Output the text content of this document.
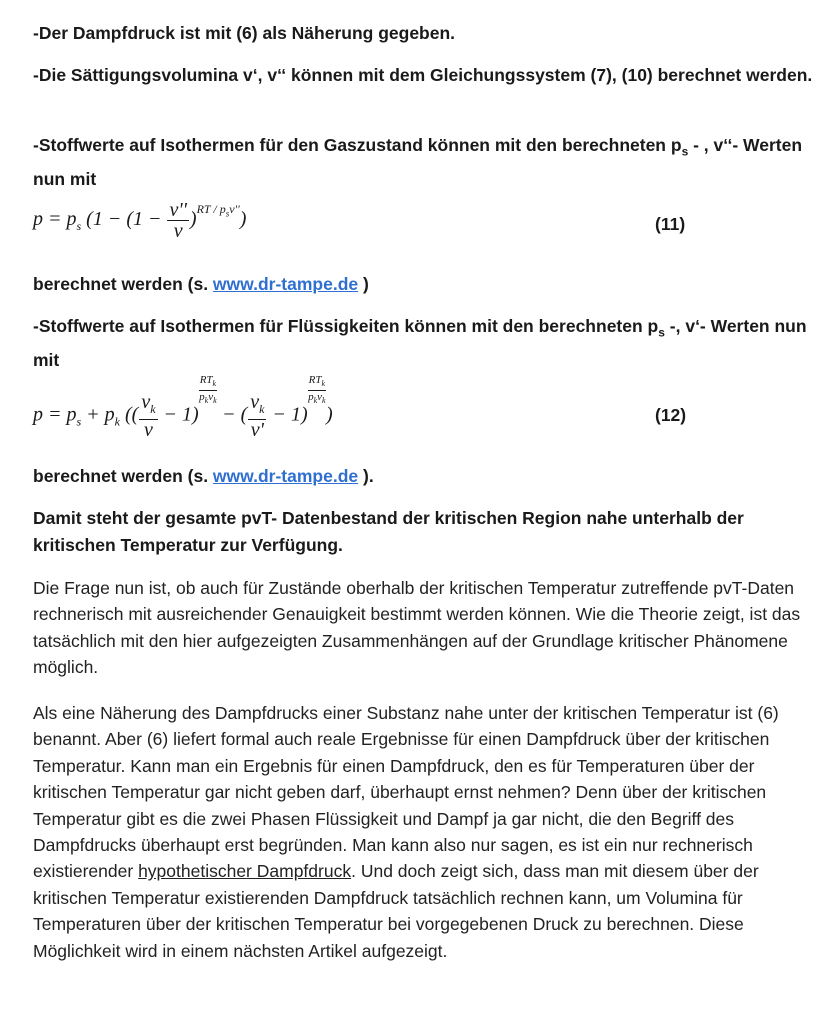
-Der Dampfdruck ist mit (6) als Näherung gegeben.
-Die Sättigungsvolumina v‘, v‘‘ können mit dem Gleichungssystem (7), (10) berechnet werden.
-Stoffwerte auf Isothermen für den Gaszustand können mit den berechneten $p_s$ - , v‘‘- Werten nun mit
$p = p_s$ $(1 - (1 - \frac{v''}{v} )^{RT / p_sv''})$	(11)
berechnet werden (s. www.dr-tampe.de )
-Stoffwerte auf Isothermen für Flüssigkeiten können mit den berechneten $p_s$ -, v‘- Werten nun mit
$p = p_s + p_k$ (( $\frac{v_k}{v} - 1$)
$\frac{RT_k}{p_kv_k}$
− ( $\frac{v_k}{v'} - 1$)
$\frac{RT_k}{p_kv_k}$
)	(12)
berechnet werden (s. www.dr-tampe.de ).
Damit steht der gesamte pvT- Datenbestand der kritischen Region nahe unterhalb der kritischen Temperatur zur Verfügung.
Die Frage nun ist, ob auch für Zustände oberhalb der kritischen Temperatur zutreffende pvT-Daten rechnerisch mit ausreichender Genauigkeit bestimmt werden können. Wie die Theorie zeigt, ist das tatsächlich mit den hier aufgezeigten Zusammenhängen auf der Grundlage kritischer Phänomene möglich.
Als eine Näherung des Dampfdrucks einer Substanz nahe unter der kritischen Temperatur ist (6) benannt. Aber (6) liefert formal auch reale Ergebnisse für einen Dampfdruck über der kritischen Temperatur. Kann man ein Ergebnis für einen Dampfdruck, den es für Temperaturen über der kritischen Temperatur gar nicht geben darf, überhaupt ernst nehmen? Denn über der kritischen Temperatur gibt es die zwei Phasen Flüssigkeit und Dampf ja gar nicht, die den Begriff des Dampfdrucks überhaupt erst begründen. Man kann also nur sagen, es ist ein nur rechnerisch existierender hypothetischer Dampfdruck. Und doch zeigt sich, dass man mit diesem über der kritischen Temperatur existierenden Dampfdruck tatsächlich rechnen kann, um Volumina für Temperaturen über der kritischen Temperatur bei vorgegebenen Druck zu berechnen. Diese Möglichkeit wird in einem nächsten Artikel aufgezeigt.
